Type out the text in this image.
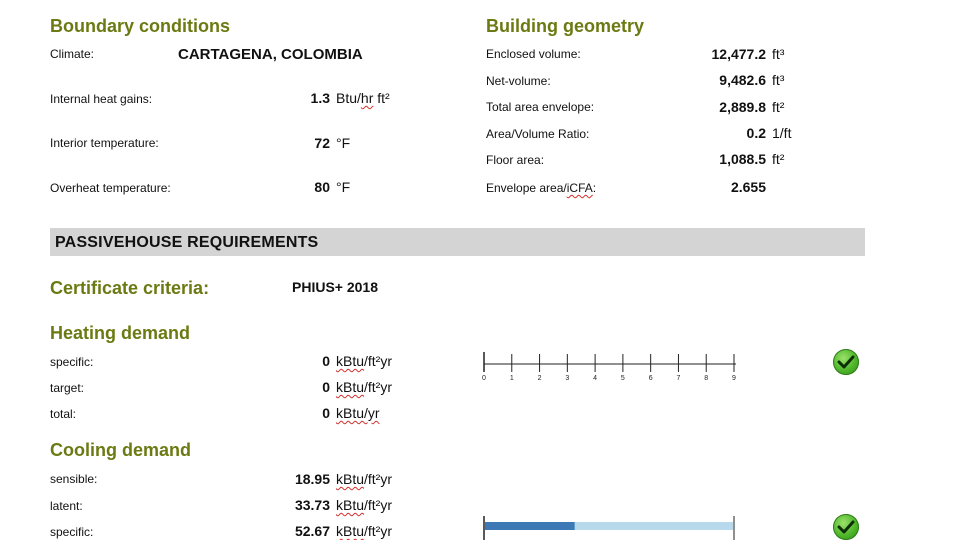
Boundary conditions
Climate:	CARTAGENA, COLOMBIA
Internal heat gains:	1.3 Btu/hr ft²
Interior temperature:	72 °F
Overheat temperature:	80 °F
Building geometry
Enclosed volume:	12,477.2 ft³
Net-volume:	9,482.6 ft³
Total area envelope:	2,889.8 ft²
Area/Volume Ratio:	0.2 1/ft
Floor area:	1,088.5 ft²
Envelope area/iCFA:	2.655
PASSIVEHOUSE REQUIREMENTS
Certificate criteria:	PHIUS+ 2018
Heating demand
specific:	0 kBtu/ft²yr
target:	0 kBtu/ft²yr
total:	0 kBtu/yr
0	1	2	3	4	5	6	7	8	9
Cooling demand
sensible:	18.95 kBtu/ft²yr
latent:	33.73 kBtu/ft²yr
specific:	52.67 kBtu/ft²yr
